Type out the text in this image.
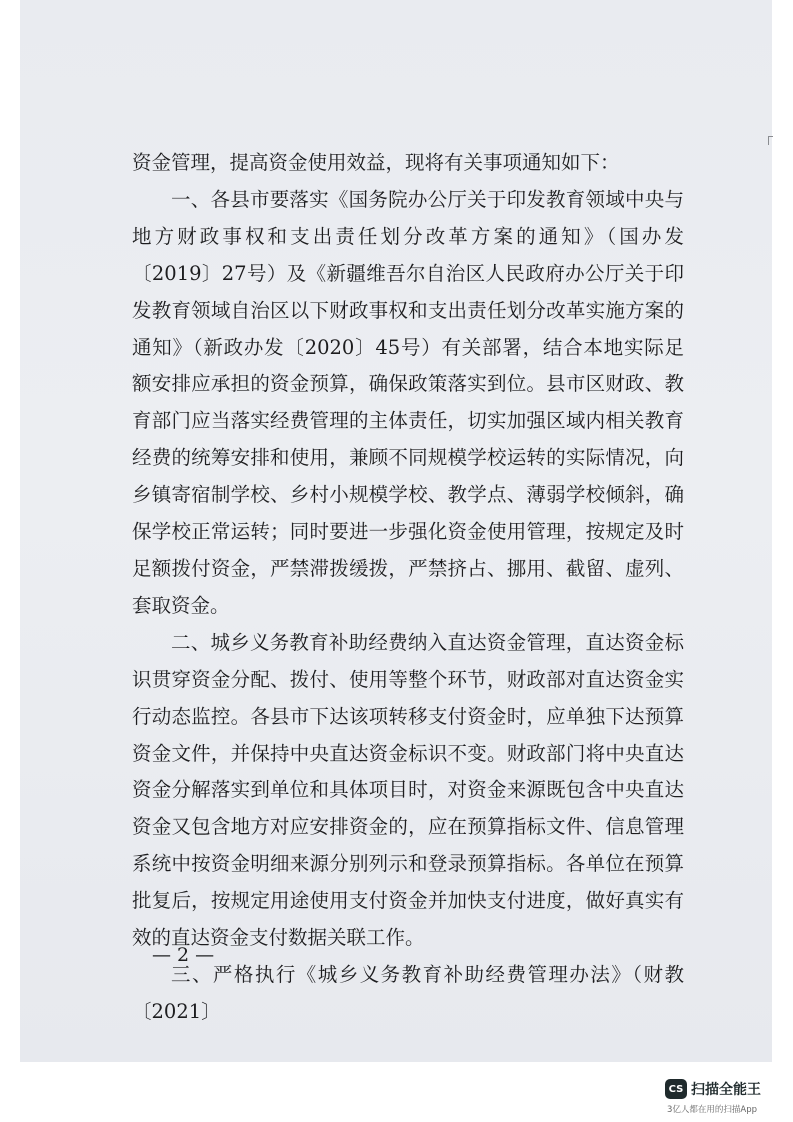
资金管理，提高资金使用效益，现将有关事项通知如下：

一、各县市要落实《国务院办公厅关于印发教育领域中央与地方财政事权和支出责任划分改革方案的通知》（国办发〔2019〕27号）及《新疆维吾尔自治区人民政府办公厅关于印发教育领域自治区以下财政事权和支出责任划分改革实施方案的通知》（新政办发〔2020〕45号）有关部署，结合本地实际足额安排应承担的资金预算，确保政策落实到位。县市区财政、教育部门应当落实经费管理的主体责任，切实加强区域内相关教育经费的统筹安排和使用，兼顾不同规模学校运转的实际情况，向乡镇寄宿制学校、乡村小规模学校、教学点、薄弱学校倾斜，确保学校正常运转；同时要进一步强化资金使用管理，按规定及时足额拨付资金，严禁滞拨缓拨，严禁挤占、挪用、截留、虚列、套取资金。

二、城乡义务教育补助经费纳入直达资金管理，直达资金标识贯穿资金分配、拨付、使用等整个环节，财政部对直达资金实行动态监控。各县市下达该项转移支付资金时，应单独下达预算资金文件，并保持中央直达资金标识不变。财政部门将中央直达资金分解落实到单位和具体项目时，对资金来源既包含中央直达资金又包含地方对应安排资金的，应在预算指标文件、信息管理系统中按资金明细来源分别列示和登录预算指标。各单位在预算批复后，按规定用途使用支付资金并加快支付进度，做好真实有效的直达资金支付数据关联工作。

三、严格执行《城乡义务教育补助经费管理办法》（财教〔2021〕

— 2 —
CS 扫描全能王
3亿人都在用的扫描App
